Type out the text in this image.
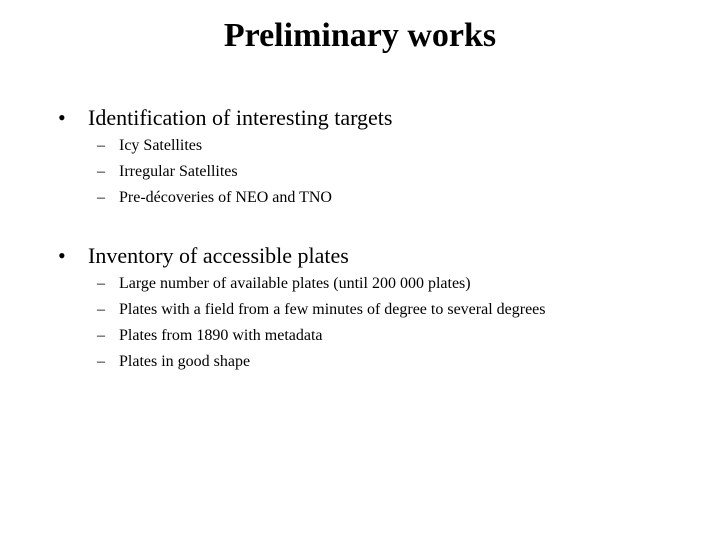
Preliminary works
• Identification of interesting targets
– Icy Satellites
– Irregular Satellites
– Pre-décoveries of NEO and TNO
• Inventory of accessible plates
– Large number of available plates (until 200 000 plates)
– Plates with a field from a few minutes of degree to several degrees
– Plates from 1890 with metadata
– Plates in good shape
